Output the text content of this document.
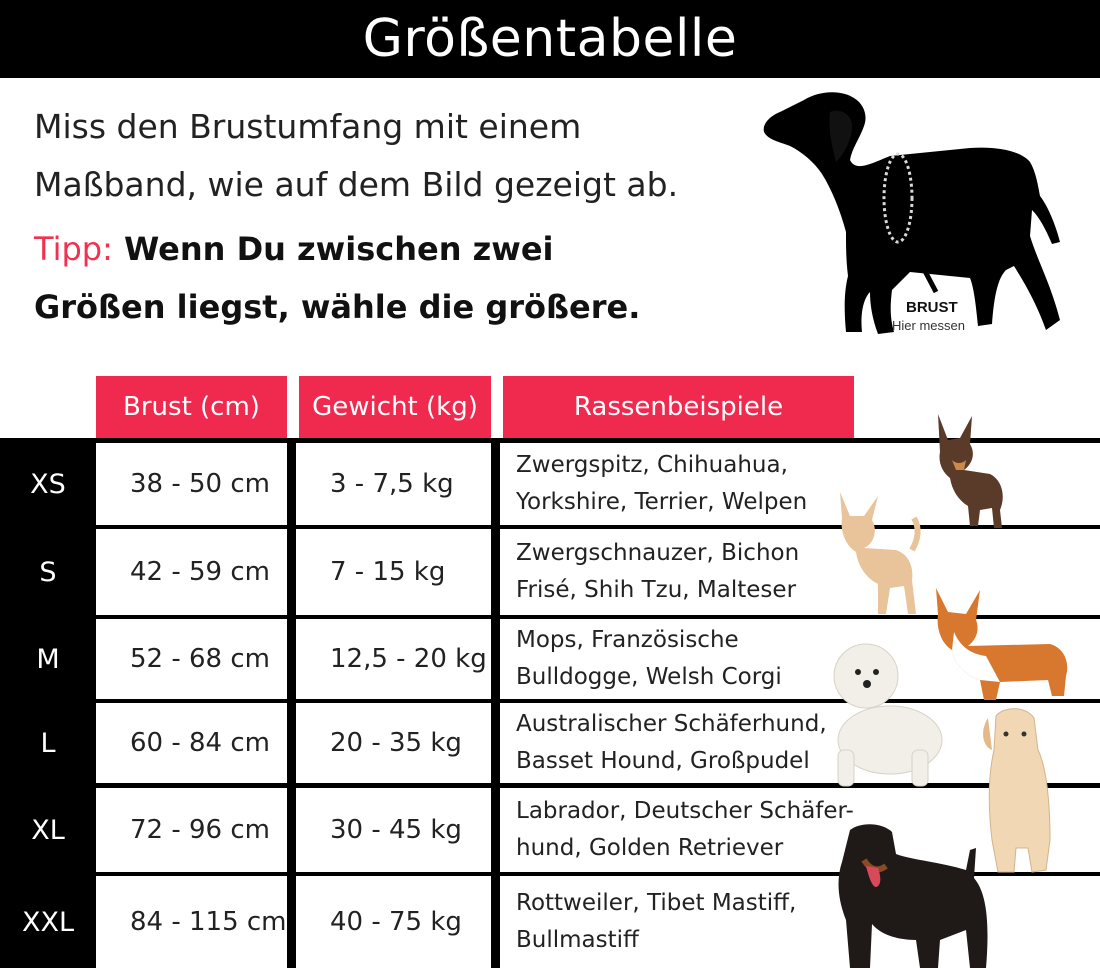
Größentabelle

Miss den Brustumfang mit einem

Maßband, wie auf dem Bild gezeigt ab.

Tipp: Wenn Du zwischen zwei

Größen liegst, wähle die größere.	BRUST
Hier messen
Brust (cm)	Gewicht (kg)	Rassenbeispiele
XS	38 - 50 cm	3 - 7,5 kg
Zwergspitz, Chihuahua,
Yorkshire, Terrier, Welpen
S	42 - 59 cm	7 - 15 kg
Zwergschnauzer, Bichon
Frisé, Shih Tzu, Malteser
M	52 - 68 cm	12,5 - 20 kg
Mops, Französische
Bulldogge, Welsh Corgi
L	60 - 84 cm	20 - 35 kg
Australischer Schäferhund,
Basset Hound, Großpudel
XL	72 - 96 cm	30 - 45 kg
Labrador, Deutscher Schäfer-
hund, Golden Retriever
XXL	84 - 115 cm	40 - 75 kg
Rottweiler, Tibet Mastiff,
Bullmastiff
